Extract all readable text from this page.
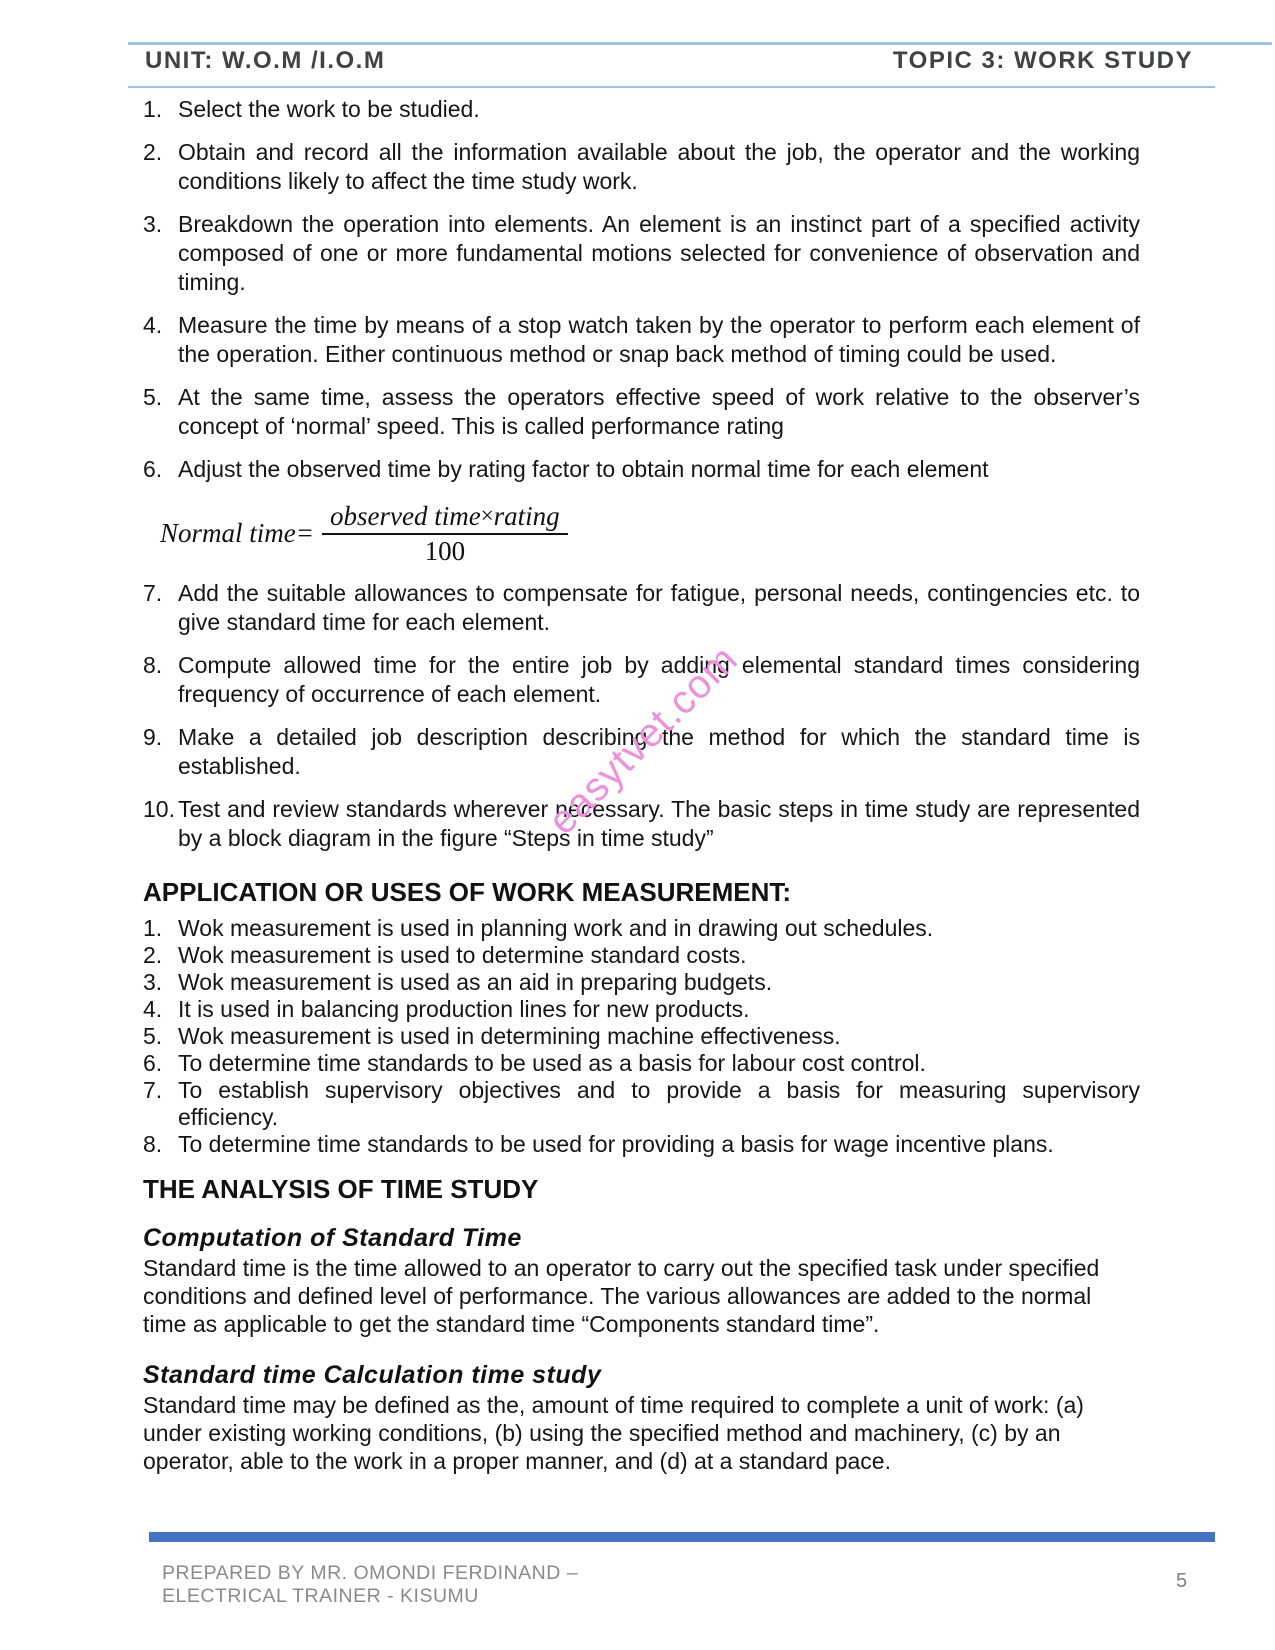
UNIT: W.O.M /I.O.M	TOPIC 3: WORK STUDY
1. Select the work to be studied.
2. Obtain and record all the information available about the job, the operator and the working conditions likely to affect the time study work.
3. Breakdown the operation into elements. An element is an instinct part of a specified activity composed of one or more fundamental motions selected for convenience of observation and timing.
4. Measure the time by means of a stop watch taken by the operator to perform each element of the operation. Either continuous method or snap back method of timing could be used.
5. At the same time, assess the operators effective speed of work relative to the observer’s concept of ‘normal’ speed. This is called performance rating
6. Adjust the observed time by rating factor to obtain normal time for each element
Normal time= $\frac{\text{observed time×rating}}{100}$
7. Add the suitable allowances to compensate for fatigue, personal needs, contingencies etc. to give standard time for each element.
8. Compute allowed time for the entire job by adding elemental standard times considering frequency of occurrence of each element.
9. Make a detailed job description describing the method for which the standard time is established.
10. Test and review standards wherever necessary. The basic steps in time study are represented by a block diagram in the figure “Steps in time study”
APPLICATION OR USES OF WORK MEASUREMENT:
1. Wok measurement is used in planning work and in drawing out schedules.
2. Wok measurement is used to determine standard costs.
3. Wok measurement is used as an aid in preparing budgets.
4. It is used in balancing production lines for new products.
5. Wok measurement is used in determining machine effectiveness.
6. To determine time standards to be used as a basis for labour cost control.
7. To establish supervisory objectives and to provide a basis for measuring supervisory efficiency.
8. To determine time standards to be used for providing a basis for wage incentive plans.
THE ANALYSIS OF TIME STUDY
Computation of Standard Time

Standard time is the time allowed to an operator to carry out the specified task under specified conditions and defined level of performance. The various allowances are added to the normal time as applicable to get the standard time “Components standard time”.

Standard time Calculation time study

Standard time may be defined as the, amount of time required to complete a unit of work: (a) under existing working conditions, (b) using the specified method and machinery, (c) by an operator, able to the work in a proper manner, and (d) at a standard pace.

easytvet.com
PREPARED BY MR. OMONDI FERDINAND –
ELECTRICAL TRAINER - KISUMU
5
